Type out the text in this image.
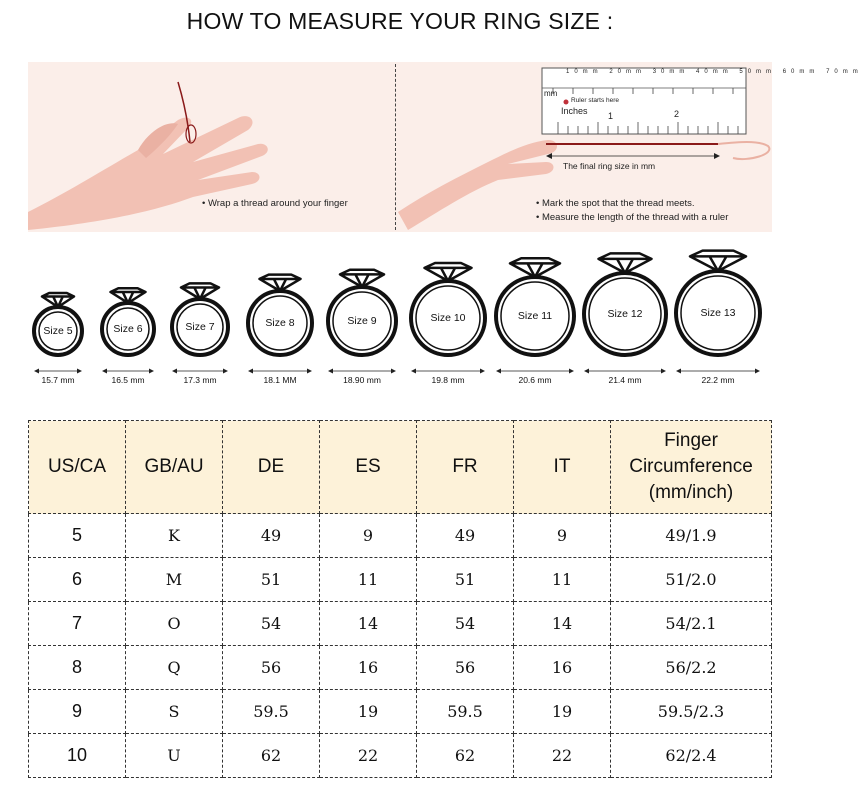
HOW TO MEASURE YOUR RING SIZE :
10mm 20mm 30mm 40mm 50mm 60mm 70mm
mm
Ruler starts here
Inches 1	2
The final ring size in mm
• Wrap a thread around your finger	• Mark the spot that the thread meets.
• Measure the length of the thread with a ruler
Size 5
15.7 mm
Size 6
16.5 mm
Size 7
17.3 mm
Size 8
18.1 MM
Size 9
18.90 mm
Size 10
19.8 mm
Size 11
20.6 mm
Size 12
21.4 mm
Size 13
22.2 mm
US/CA	GB/AU	DE	ES	FR	IT	Finger
Circumference
(mm/inch)

5	K	49	9	49	9	49/1.9
6	M	51	11	51	11	51/2.0
7	O	54	14	54	14	54/2.1
8	Q	56	16	56	16	56/2.2
9	S	59.5	19	59.5	19	59.5/2.3
10	U	62	22	62	22	62/2.4
